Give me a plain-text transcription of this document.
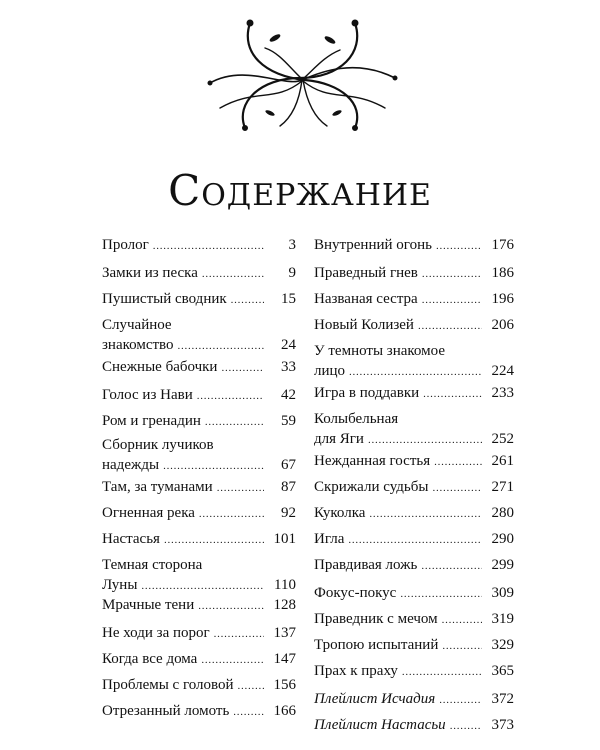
СОДЕРЖАНИЕ
Пролог . . .	3
Замки из песка . . .	9
Пушистый сводник . . .	15
Случайное
знакомство . . .	24
Снежные бабочки . . .	33
Голос из Нави . . .	42
Ром и гренадин . . .	59
Сборник лучиков
надежды . . .	67
Там, за туманами . . .	87
Огненная река . . .	92
Настасья . . .	101
Темная сторона
Луны . . .	110
Мрачные тени . . .	128
Не ходи за порог . . .	137
Когда все дома . . .	147
Проблемы с головой . . .	156
Отрезанный ломоть . . .	166
Внутренний огонь . . .	176
Праведный гнев . . .	186
Названая сестра . . .	196
Новый Колизей . . .	206
У темноты знакомое
лицо . . .	224
Игра в поддавки . . .	233
Колыбельная
для Яги . . .	252
Нежданная гостья . . .	261
Скрижали судьбы . . .	271
Куколка . . .	280
Игла . . .	290
Правдивая ложь . . .	299
Фокус-покус . . .	309
Праведник с мечом . . .	319
Тропою испытаний . . .	329
Прах к праху . . .	365
Плейлист Исчадия . . .	372
Плейлист Настасьи . . .	373
